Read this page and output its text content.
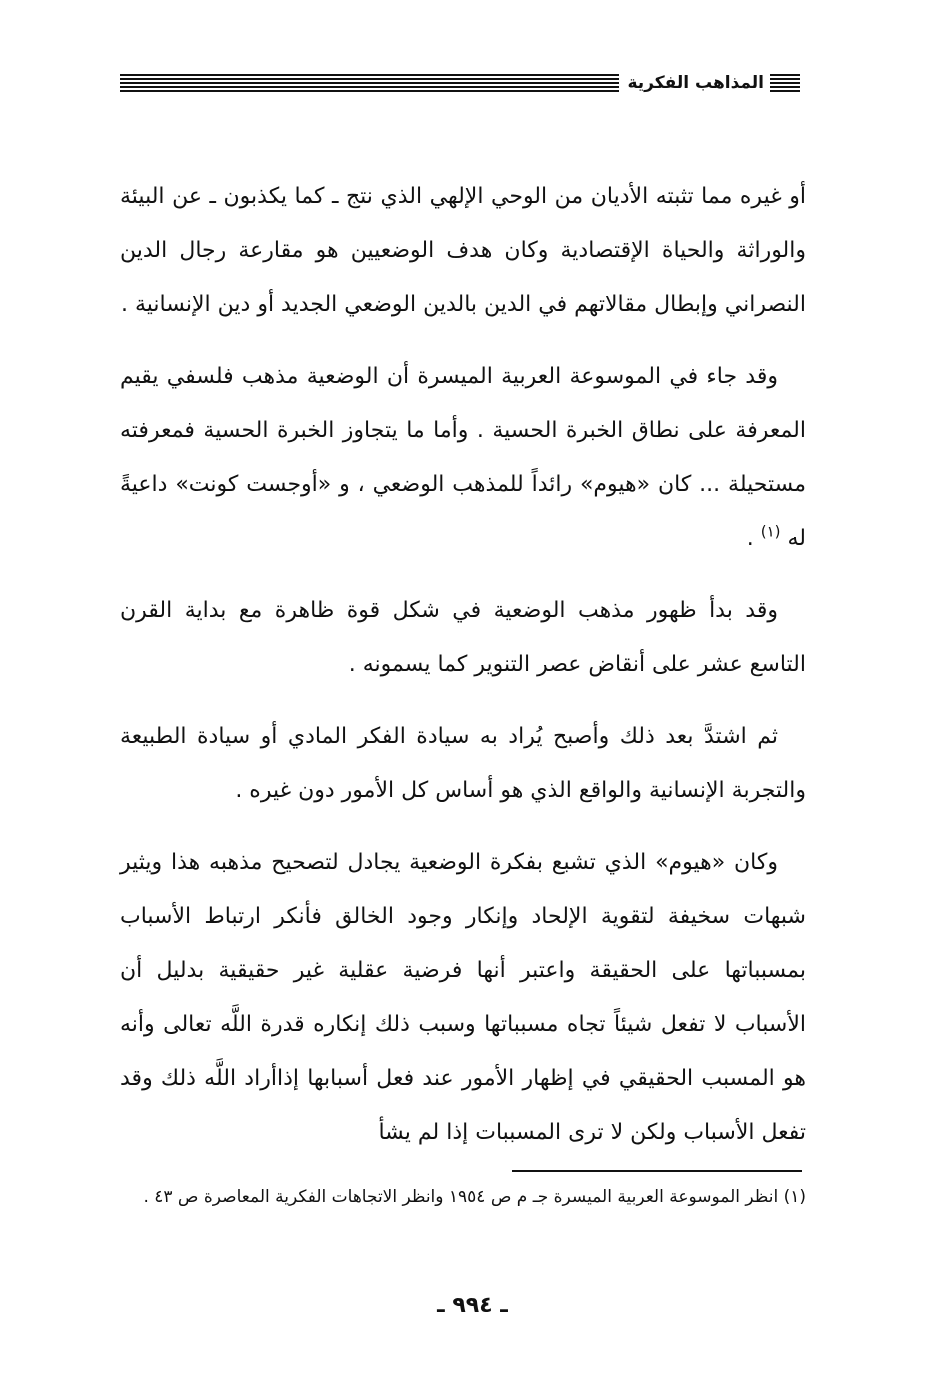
المذاهب الفكرية

أو غيره مما تثبته الأديان من الوحي الإلهي الذي نتج ـ كما يكذبون ـ عن البيئة والوراثة والحياة الإقتصادية وكان هدف الوضعيين هو مقارعة رجال الدين النصراني وإبطال مقالاتهم في الدين بالدين الوضعي الجديد أو دين الإنسانية .

وقد جاء في الموسوعة العربية الميسرة أن الوضعية مذهب فلسفي يقيم المعرفة على نطاق الخبرة الحسية . وأما ما يتجاوز الخبرة الحسية فمعرفته مستحيلة ... كان «هيوم» رائداً للمذهب الوضعي ، و «أوجست كونت» داعيةً له $^{(١)}$ .

وقد بدأ ظهور مذهب الوضعية في شكل قوة ظاهرة مع بداية القرن التاسع عشر على أنقاض عصر التنوير كما يسمونه .

ثم اشتدَّ بعد ذلك وأصبح يُراد به سيادة الفكر المادي أو سيادة الطبيعة والتجربة الإنسانية والواقع الذي هو أساس كل الأمور دون غيره .

وكان «هيوم» الذي تشبع بفكرة الوضعية يجادل لتصحيح مذهبه هذا ويثير شبهات سخيفة لتقوية الإلحاد وإنكار وجود الخالق فأنكر ارتباط الأسباب بمسبباتها على الحقيقة واعتبر أنها فرضية عقلية غير حقيقية بدليل أن الأسباب لا تفعل شيئاً تجاه مسبباتها وسبب ذلك إنكاره قدرة اللَّه تعالى وأنه هو المسبب الحقيقي في إظهار الأمور عند فعل أسبابها إذاأراد اللَّه ذلك وقد تفعل الأسباب ولكن لا ترى المسببات إذا لم يشأ

(١) انظر الموسوعة العربية الميسرة جـ م ص ١٩٥٤ وانظر الاتجاهات الفكرية المعاصرة ص ٤٣ .
ـ ٩٩٤ ـ
